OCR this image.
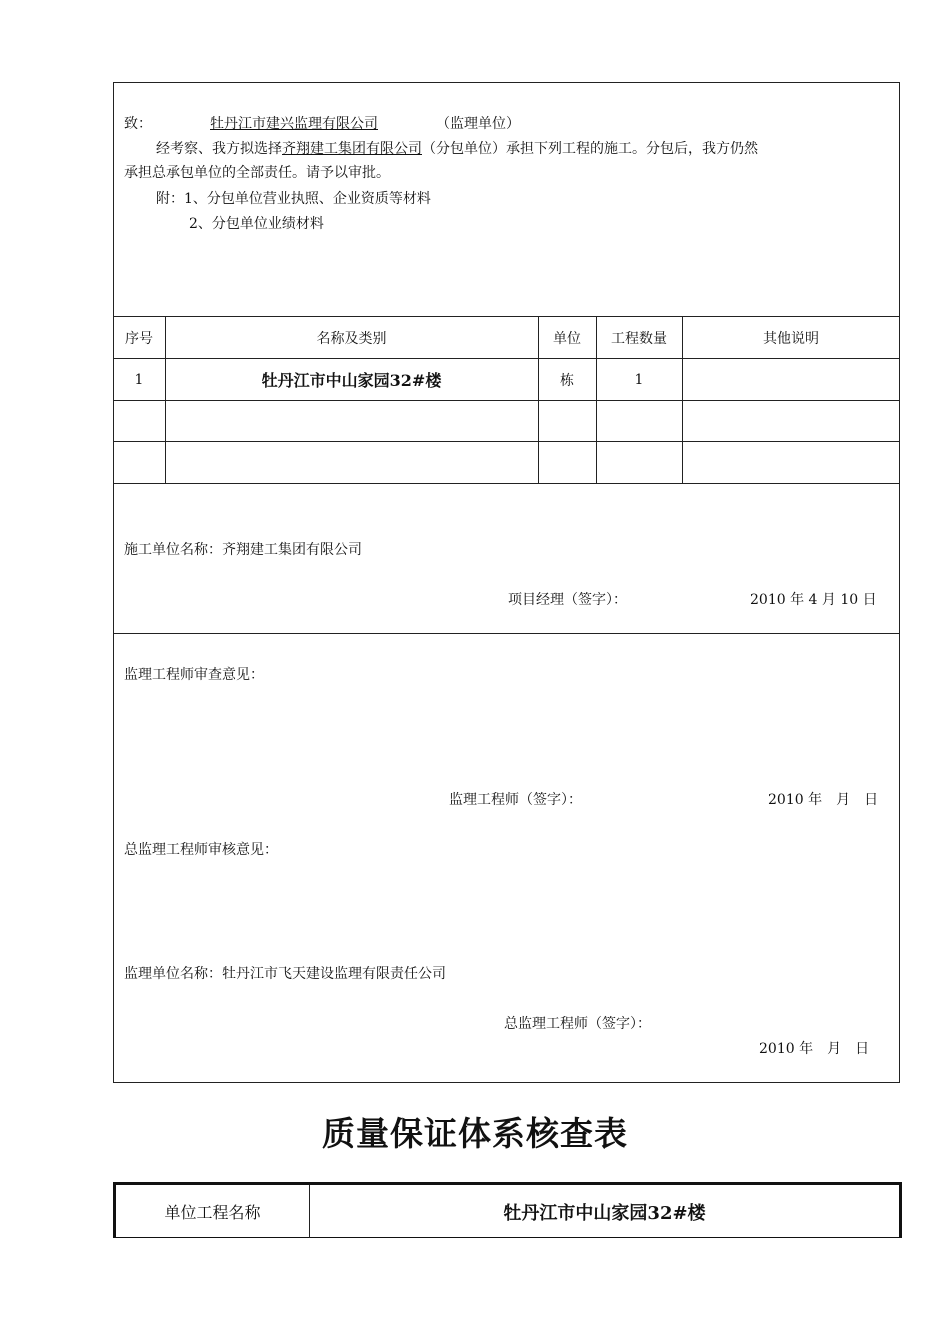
致：	牡丹江市建兴监理有限公司	（监理单位）
经考察、我方拟选择齐翔建工集团有限公司（分包单位）承担下列工程的施工。分包后，我方仍然
承担总承包单位的全部责任。请予以审批。
附：1、分包单位营业执照、企业资质等材料
2、分包单位业绩材料
序号	名称及类别	单位	工程数量	其他说明
1	牡丹江市中山家园32#楼	栋	1
施工单位名称：齐翔建工集团有限公司
项目经理（签字）：	2010 年 4 月 10 日
监理工程师审查意见：
监理工程师（签字）：	2010 年　月　日
总监理工程师审核意见：
监理单位名称：牡丹江市飞天建设监理有限责任公司
总监理工程师（签字）：
2010 年　月　日
质量保证体系核查表
单位工程名称	牡丹江市中山家园32#楼
